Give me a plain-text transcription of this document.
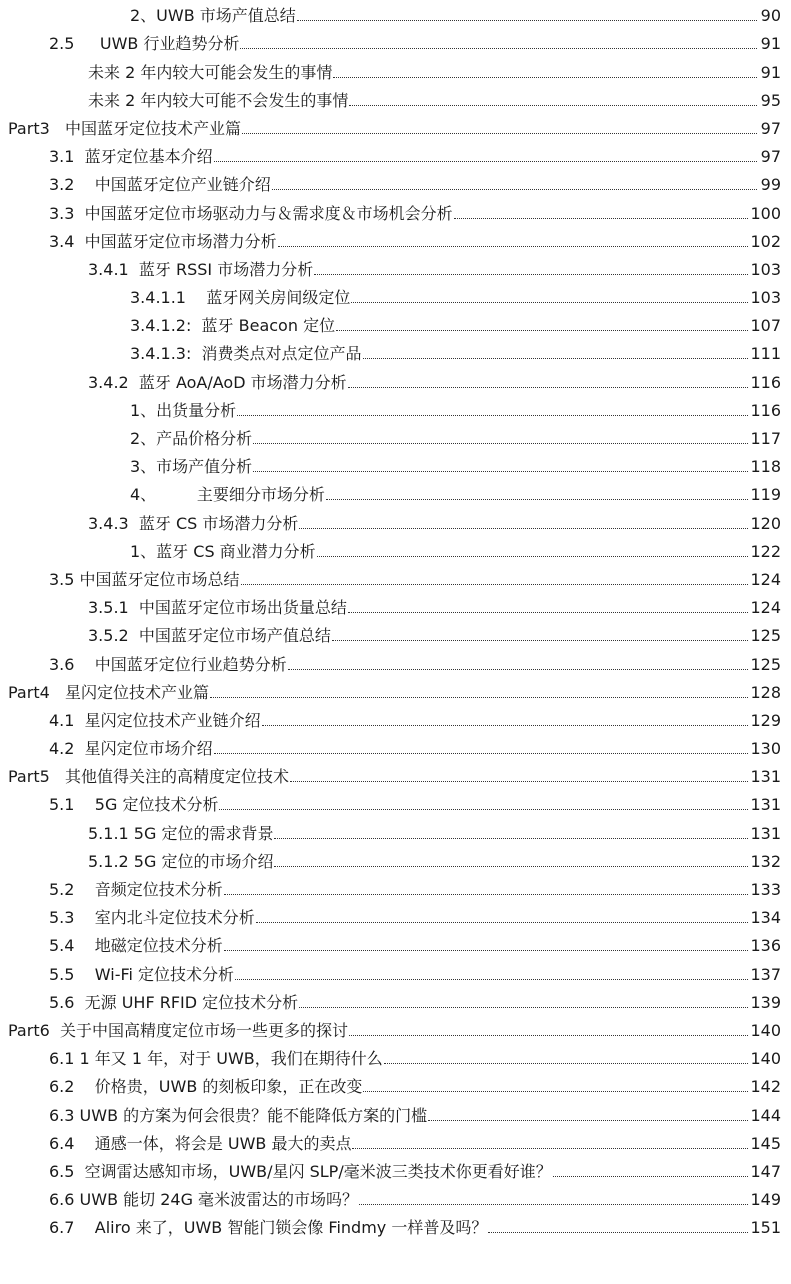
2、UWB 市场产值总结	90
2.5     UWB 行业趋势分析	91
未来 2 年内较大可能会发生的事情	91
未来 2 年内较大可能不会发生的事情	95
Part3   中国蓝牙定位技术产业篇	97
3.1  蓝牙定位基本介绍	97
3.2    中国蓝牙定位产业链介绍	99
3.3  中国蓝牙定位市场驱动力与＆需求度＆市场机会分析	100
3.4  中国蓝牙定位市场潜力分析	102
3.4.1  蓝牙 RSSI 市场潜力分析	103
3.4.1.1    蓝牙网关房间级定位	103
3.4.1.2:  蓝牙 Beacon 定位	107
3.4.1.3:  消费类点对点定位产品	111
3.4.2  蓝牙 AoA/AoD 市场潜力分析	116
1、出货量分析	116
2、产品价格分析	117
3、市场产值分析	118
4、        主要细分市场分析	119
3.4.3  蓝牙 CS 市场潜力分析	120
1、蓝牙 CS 商业潜力分析	122
3.5 中国蓝牙定位市场总结	124
3.5.1  中国蓝牙定位市场出货量总结	124
3.5.2  中国蓝牙定位市场产值总结	125
3.6    中国蓝牙定位行业趋势分析	125
Part4   星闪定位技术产业篇	128
4.1  星闪定位技术产业链介绍	129
4.2  星闪定位市场介绍	130
Part5   其他值得关注的高精度定位技术	131
5.1    5G 定位技术分析	131
5.1.1 5G 定位的需求背景	131
5.1.2 5G 定位的市场介绍	132
5.2    音频定位技术分析	133
5.3    室内北斗定位技术分析	134
5.4    地磁定位技术分析	136
5.5    Wi-Fi 定位技术分析	137
5.6  无源 UHF RFID 定位技术分析	139
Part6  关于中国高精度定位市场一些更多的探讨	140
6.1 1 年又 1 年，对于 UWB，我们在期待什么	140
6.2    价格贵，UWB 的刻板印象，正在改变	142
6.3 UWB 的方案为何会很贵？能不能降低方案的门槛	144
6.4    通感一体，将会是 UWB 最大的卖点	145
6.5  空调雷达感知市场，UWB/星闪 SLP/毫米波三类技术你更看好谁？	147
6.6 UWB 能切 24G 毫米波雷达的市场吗？	149
6.7    Aliro 来了，UWB 智能门锁会像 Findmy 一样普及吗？	151
